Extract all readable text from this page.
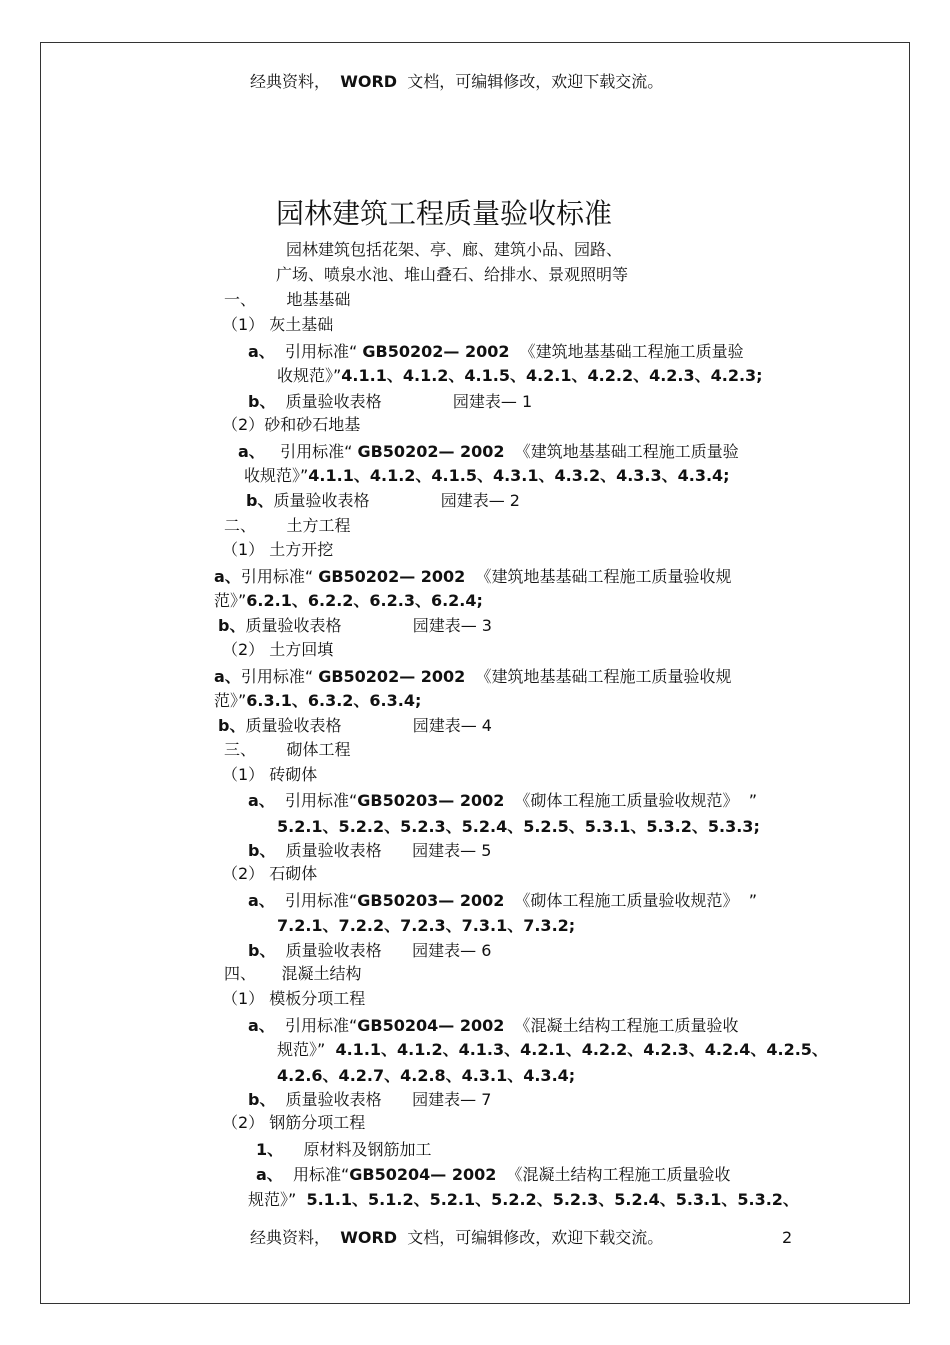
经典资料， WORD 文档，可编辑修改，欢迎下载交流。
园林建筑工程质量验收标准
园林建筑包括花架、亭、廊、建筑小品、园路、
广场、喷泉水池、堆山叠石、给排水、景观照明等
一、 地基基础
（1） 灰土基础
a、 引用标准“ GB50202— 2002 《建筑地基基础工程施工质量验
收规范》”4.1.1、4.1.2、4.1.5、4.2.1、4.2.2、4.2.3、4.2.3;
b、 质量验收表格	园建表— 1
（2）砂和砂石地基
a、 引用标准“ GB50202— 2002 《建筑地基基础工程施工质量验
收规范》”4.1.1、4.1.2、4.1.5、4.3.1、4.3.2、4.3.3、4.3.4;
b、质量验收表格	园建表— 2
二、 土方工程
（1） 土方开挖
a、引用标准“ GB50202— 2002 《建筑地基基础工程施工质量验收规
范》”6.2.1、6.2.2、6.2.3、6.2.4;
b、质量验收表格	园建表— 3
（2） 土方回填
a、引用标准“ GB50202— 2002 《建筑地基基础工程施工质量验收规
范》”6.3.1、6.3.2、6.3.4;
b、质量验收表格	园建表— 4
三、 砌体工程
（1） 砖砌体
a、 引用标准“GB50203— 2002 《砌体工程施工质量验收规范》 ”
5.2.1、5.2.2、5.2.3、5.2.4、5.2.5、5.3.1、5.3.2、5.3.3;
b、 质量验收表格 园建表— 5
（2） 石砌体
a、 引用标准“GB50203— 2002 《砌体工程施工质量验收规范》 ”
7.2.1、7.2.2、7.2.3、7.3.1、7.3.2;
b、 质量验收表格 园建表— 6
四、 混凝土结构
（1） 模板分项工程
a、 引用标准“GB50204— 2002 《混凝土结构工程施工质量验收
规范》” 4.1.1、4.1.2、4.1.3、4.2.1、4.2.2、4.2.3、4.2.4、4.2.5、
4.2.6、4.2.7、4.2.8、4.3.1、4.3.4;
b、 质量验收表格 园建表— 7
（2） 钢筋分项工程
1、 原材料及钢筋加工
a、 用标准“GB50204— 2002 《混凝土结构工程施工质量验收
规范》” 5.1.1、5.1.2、5.2.1、5.2.2、5.2.3、5.2.4、5.3.1、5.3.2、
经典资料， WORD 文档，可编辑修改，欢迎下载交流。	2
